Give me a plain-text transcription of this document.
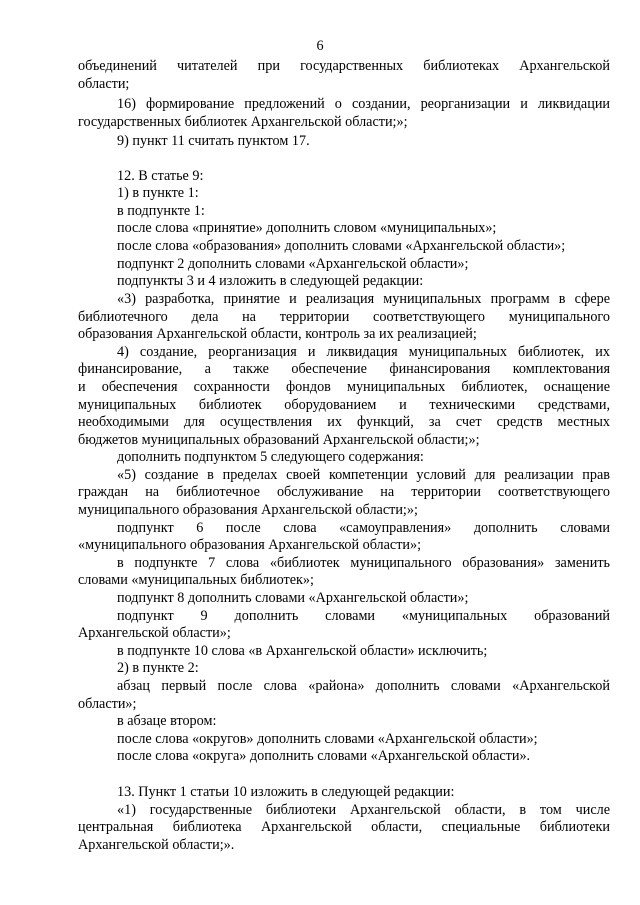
6
объединений читателей при государственных библиотеках Архангельской
области;
16) формирование предложений о создании, реорганизации и ликвидации
государственных библиотек Архангельской области;»;
9) пункт 11 считать пунктом 17.
12. В статье 9:
1) в пункте 1:
в подпункте 1:
после слова «принятие» дополнить словом «муниципальных»;
после слова «образования» дополнить словами «Архангельской области»;
подпункт 2 дополнить словами «Архангельской области»;
подпункты 3 и 4 изложить в следующей редакции:
«3) разработка, принятие и реализация муниципальных программ в сфере
библиотечного дела на территории соответствующего муниципального
образования Архангельской области, контроль за их реализацией;
4) создание, реорганизация и ликвидация муниципальных библиотек, их
финансирование, а также обеспечение финансирования комплектования
и обеспечения сохранности фондов муниципальных библиотек, оснащение
муниципальных библиотек оборудованием и техническими средствами,
необходимыми для осуществления их функций, за счет средств местных
бюджетов муниципальных образований Архангельской области;»;
дополнить подпунктом 5 следующего содержания:
«5) создание в пределах своей компетенции условий для реализации прав
граждан на библиотечное обслуживание на территории соответствующего
муниципального образования Архангельской области;»;
подпункт 6 после слова «самоуправления» дополнить словами
«муниципального образования Архангельской области»;
в подпункте 7 слова «библиотек муниципального образования» заменить
словами «муниципальных библиотек»;
подпункт 8 дополнить словами «Архангельской области»;
подпункт 9 дополнить словами «муниципальных образований
Архангельской области»;
в подпункте 10 слова «в Архангельской области» исключить;
2) в пункте 2:
абзац первый после слова «района» дополнить словами «Архангельской
области»;
в абзаце втором:
после слова «округов» дополнить словами «Архангельской области»;
после слова «округа» дополнить словами «Архангельской области».
13. Пункт 1 статьи 10 изложить в следующей редакции:
«1) государственные библиотеки Архангельской области, в том числе
центральная библиотека Архангельской области, специальные библиотеки
Архангельской области;».
